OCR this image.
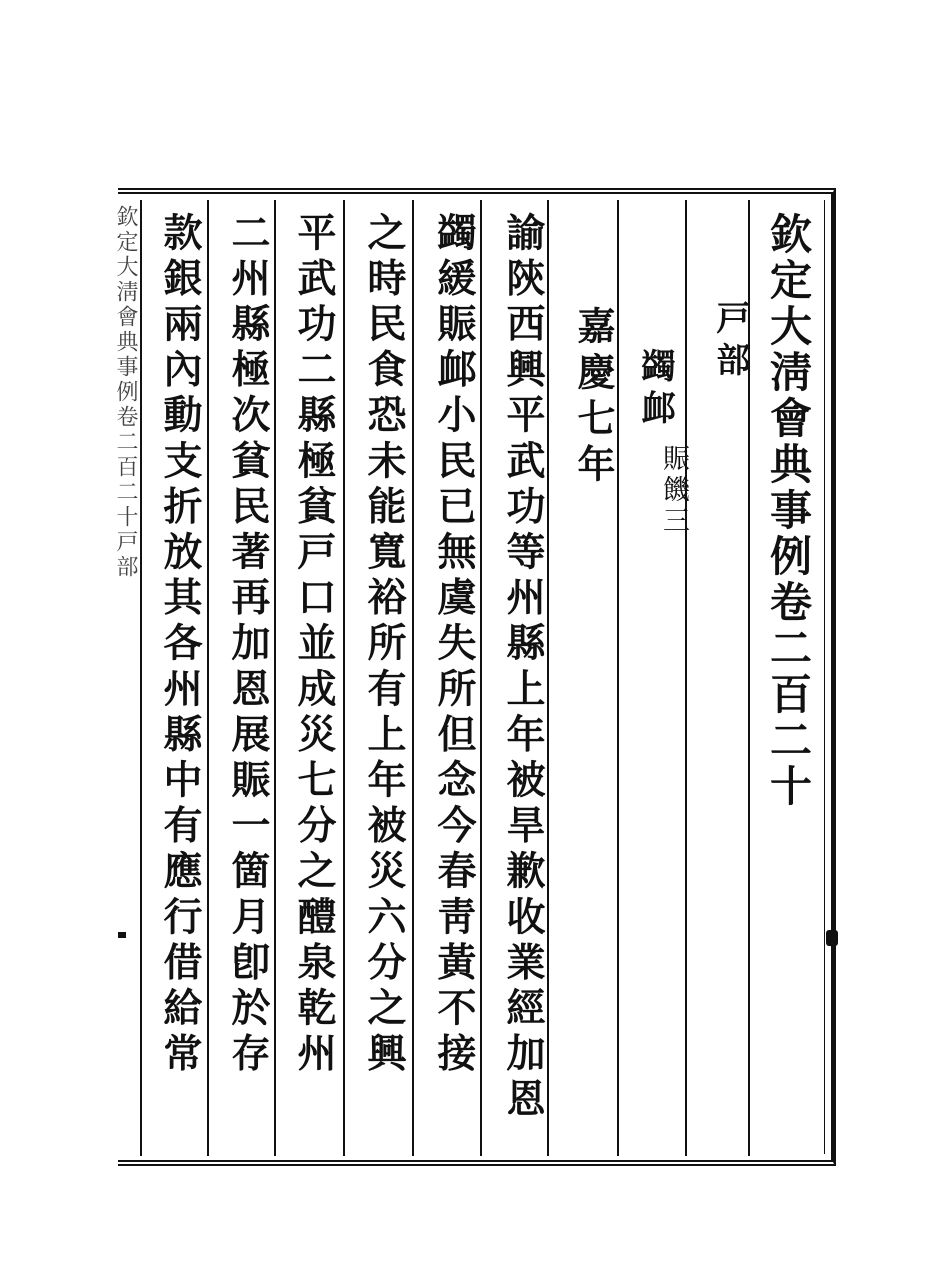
欽定大淸會典事例卷二百二十
戸部
蠲䘏
賑饑三
嘉慶七年
諭陝西興平武功等州縣上年被旱歉收業經加恩
蠲緩賑䘏小民已無虞失所但念今春靑黃不接
之時民食恐未能寬裕所有上年被災六分之興
平武功二縣極貧戸口並成災七分之醴泉乾州
二州縣極次貧民著再加恩展賑一箇月卽於存
款銀兩內動支折放其各州縣中有應行借給常
欽定大淸會典事例卷二百二十戸部
